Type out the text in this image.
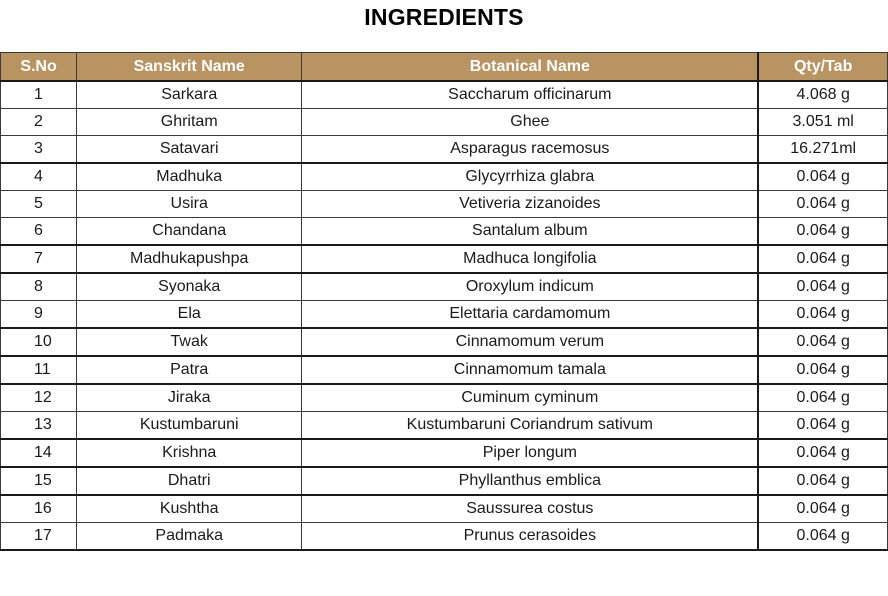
INGREDIENTS
S.No	Sanskrit Name	Botanical Name	Qty/Tab
1	Sarkara	Saccharum officinarum	4.068 g
2	Ghritam	Ghee	3.051 ml
3	Satavari	Asparagus racemosus	16.271ml
4	Madhuka	Glycyrrhiza glabra	0.064 g
5	Usira	Vetiveria zizanoides	0.064 g
6	Chandana	Santalum album	0.064 g
7	Madhukapushpa	Madhuca longifolia	0.064 g
8	Syonaka	Oroxylum indicum	0.064 g
9	Ela	Elettaria cardamomum	0.064 g
10	Twak	Cinnamomum verum	0.064 g
11	Patra	Cinnamomum tamala	0.064 g
12	Jiraka	Cuminum cyminum	0.064 g
13	Kustumbaruni	Kustumbaruni Coriandrum sativum	0.064 g
14	Krishna	Piper longum	0.064 g
15	Dhatri	Phyllanthus emblica	0.064 g
16	Kushtha	Saussurea costus	0.064 g
17	Padmaka	Prunus cerasoides	0.064 g
